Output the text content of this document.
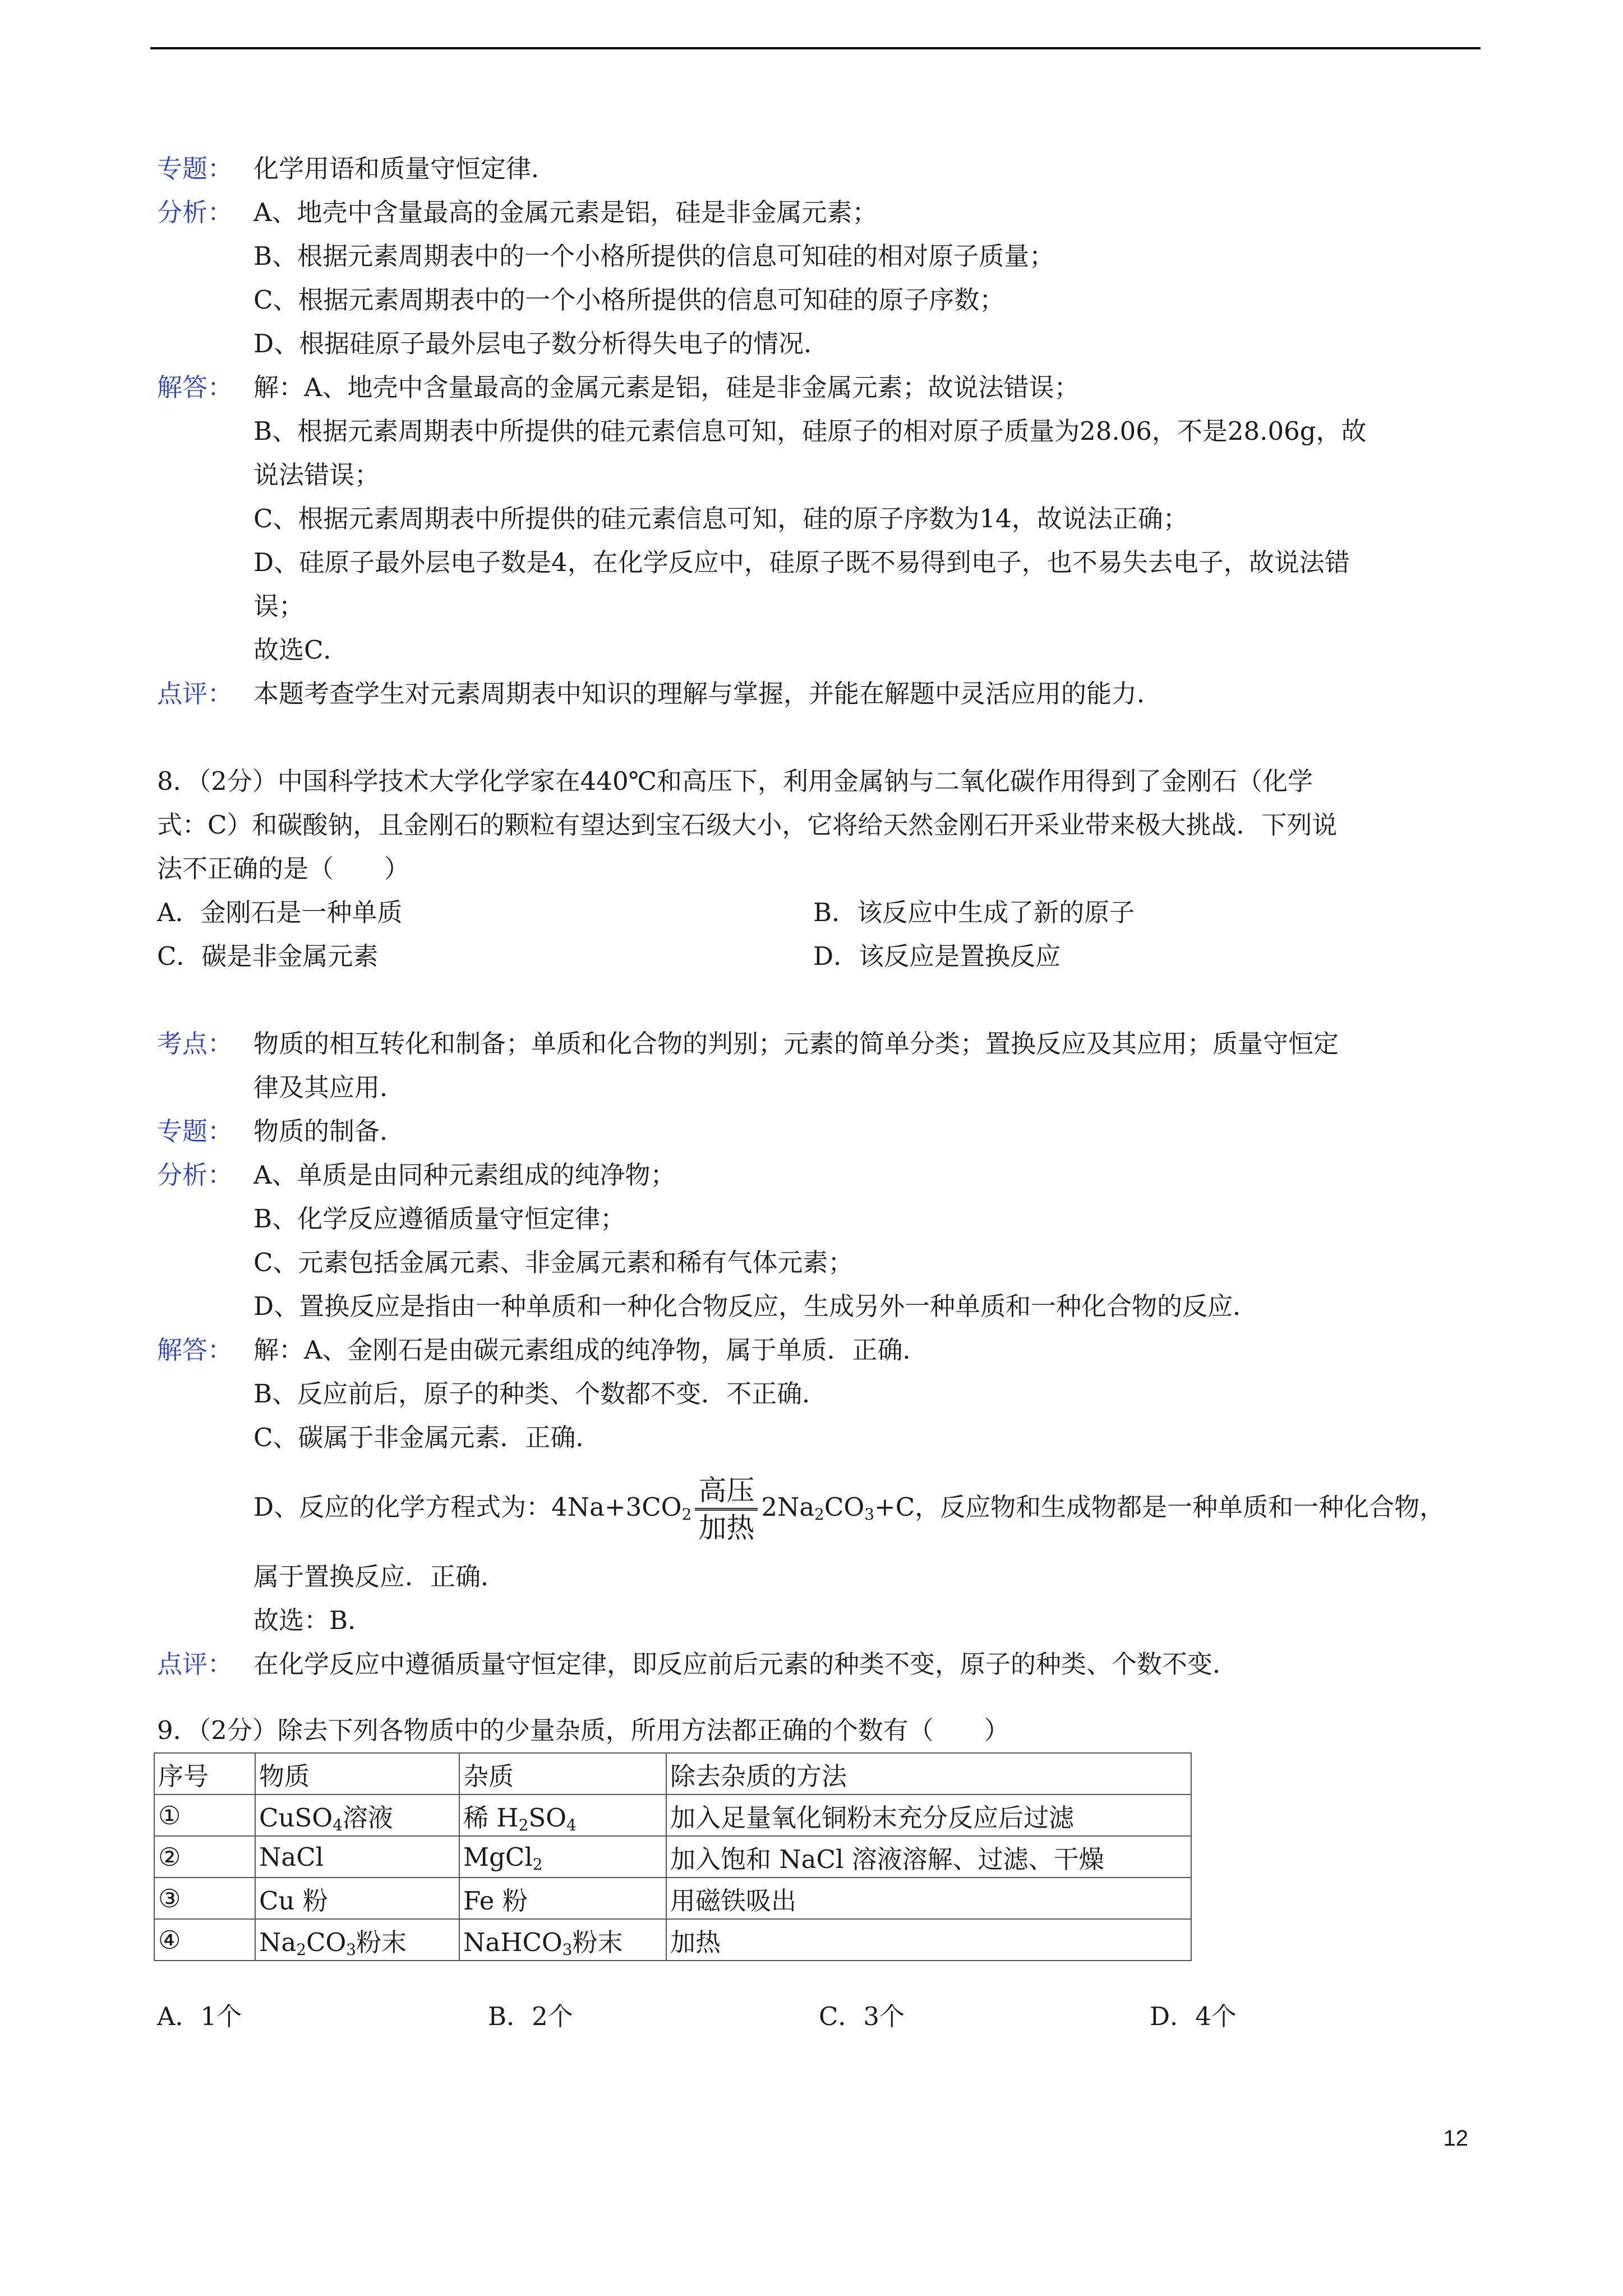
专题： 化学用语和质量守恒定律．
分析： A、地壳中含量最高的金属元素是铝，硅是非金属元素；
B、根据元素周期表中的一个小格所提供的信息可知硅的相对原子质量；
C、根据元素周期表中的一个小格所提供的信息可知硅的原子序数；
D、根据硅原子最外层电子数分析得失电子的情况．
解答： 解：A、地壳中含量最高的金属元素是铝，硅是非金属元素；故说法错误；
B、根据元素周期表中所提供的硅元素信息可知，硅原子的相对原子质量为28.06，不是28.06g，故
说法错误；
C、根据元素周期表中所提供的硅元素信息可知，硅的原子序数为14，故说法正确；
D、硅原子最外层电子数是4，在化学反应中，硅原子既不易得到电子，也不易失去电子，故说法错
误；
故选C．
点评： 本题考查学生对元素周期表中知识的理解与掌握，并能在解题中灵活应用的能力．
8．（2分）中国科学技术大学化学家在440℃和高压下，利用金属钠与二氧化碳作用得到了金刚石（化学
式：C）和碳酸钠，且金刚石的颗粒有望达到宝石级大小，它将给天然金刚石开采业带来极大挑战．下列说
法不正确的是（　　）
A．金刚石是一种单质	B．该反应中生成了新的原子
C．碳是非金属元素	D．该反应是置换反应
考点： 物质的相互转化和制备；单质和化合物的判别；元素的简单分类；置换反应及其应用；质量守恒定
律及其应用．
专题： 物质的制备．
分析： A、单质是由同种元素组成的纯净物；
B、化学反应遵循质量守恒定律；
C、元素包括金属元素、非金属元素和稀有气体元素；
D、置换反应是指由一种单质和一种化合物反应，生成另外一种单质和一种化合物的反应．
解答： 解：A、金刚石是由碳元素组成的纯净物，属于单质．正确．
B、反应前后，原子的种类、个数都不变．不正确．
C、碳属于非金属元素．正确．
D、反应的化学方程式为：$4Na+3CO_2$
高压
加热
$2Na_2CO_3+C$，反应物和生成物都是一种单质和一种化合物，
属于置换反应．正确．
故选：B．
点评： 在化学反应中遵循质量守恒定律，即反应前后元素的种类不变，原子的种类、个数不变．
9．（2分）除去下列各物质中的少量杂质，所用方法都正确的个数有（　　）
序号	物质	杂质	除去杂质的方法
①	CuSO$_4$溶液	稀 $H_2SO_4$	加入足量氧化铜粉末充分反应后过滤
②	NaCl	MgCl$_2$	加入饱和 NaCl 溶液溶解、过滤、干燥
③	Cu 粉	Fe 粉	用磁铁吸出
④	$Na_2CO_3$粉末	NaHCO$_3$粉末	加热
A．1个	B．2个	C．3个	D．4个
12
